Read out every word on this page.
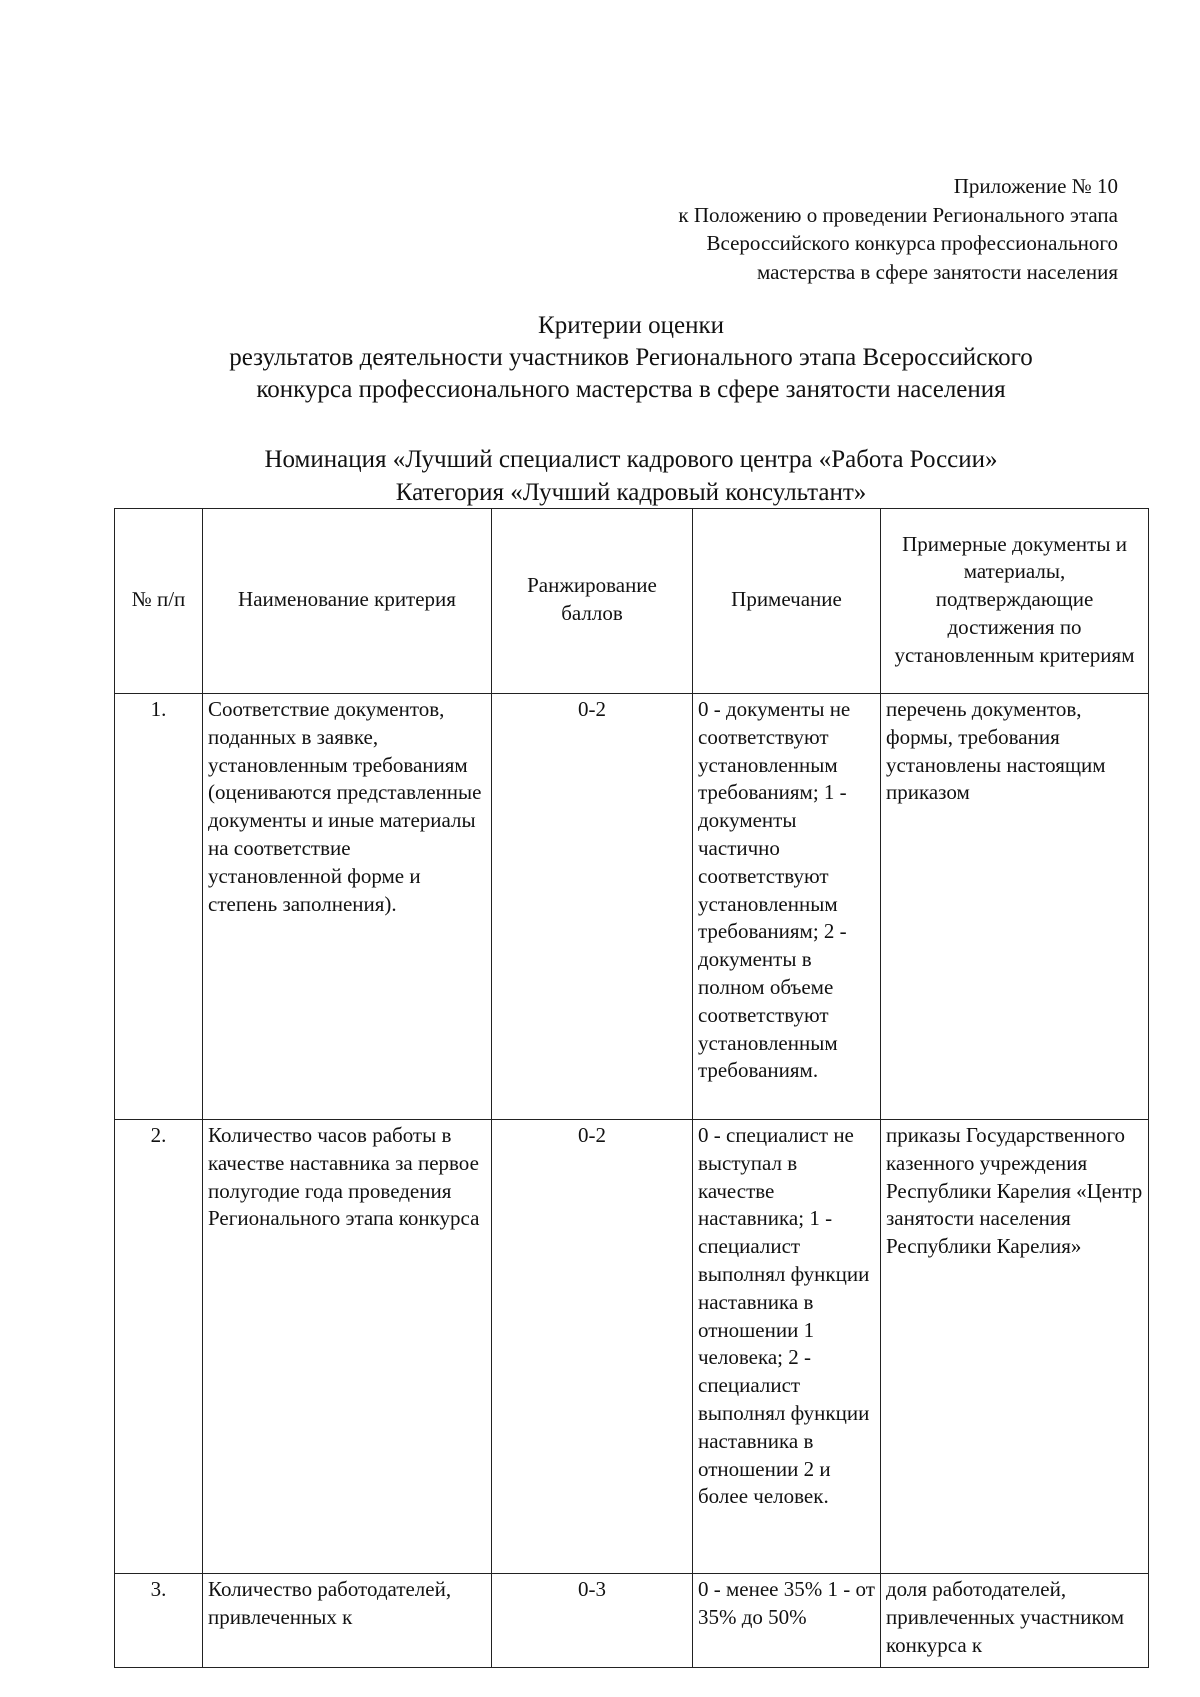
Приложение № 10
к Положению о проведении Регионального этапа
Всероссийского конкурса профессионального
мастерства в сфере занятости населения
Критерии оценки
результатов деятельности участников Регионального этапа Всероссийского
конкурса профессионального мастерства в сфере занятости населения
Номинация «Лучший специалист кадрового центра «Работа России»
Категория «Лучший кадровый консультант»
№ п/п	Наименование критерия	Ранжирование баллов	Примечание	Примерные документы и материалы, подтверждающие достижения по установленным критериям
1.	Соответствие документов, поданных в заявке, установленным требованиям (оцениваются представленные документы и иные материалы на соответствие установленной форме и степень заполнения).	0-2	0 - документы не соответствуют установленным требованиям; 1 - документы частично соответствуют установленным требованиям; 2 - документы в полном объеме соответствуют установленным требованиям.	перечень документов, формы, требования установлены настоящим приказом
2.	Количество часов работы в качестве наставника за первое полугодие года проведения Регионального этапа конкурса	0-2	0 - специалист не выступал в качестве наставника; 1 - специалист выполнял функции наставника в отношении 1 человека; 2 - специалист выполнял функции наставника в отношении 2 и более человек.	приказы Государственного казенного учреждения Республики Карелия «Центр занятости населения Республики Карелия»
3.	Количество работодателей, привлеченных к	0-3	0 - менее 35% 1 - от 35% до 50%	доля работодателей, привлеченных участником конкурса к
